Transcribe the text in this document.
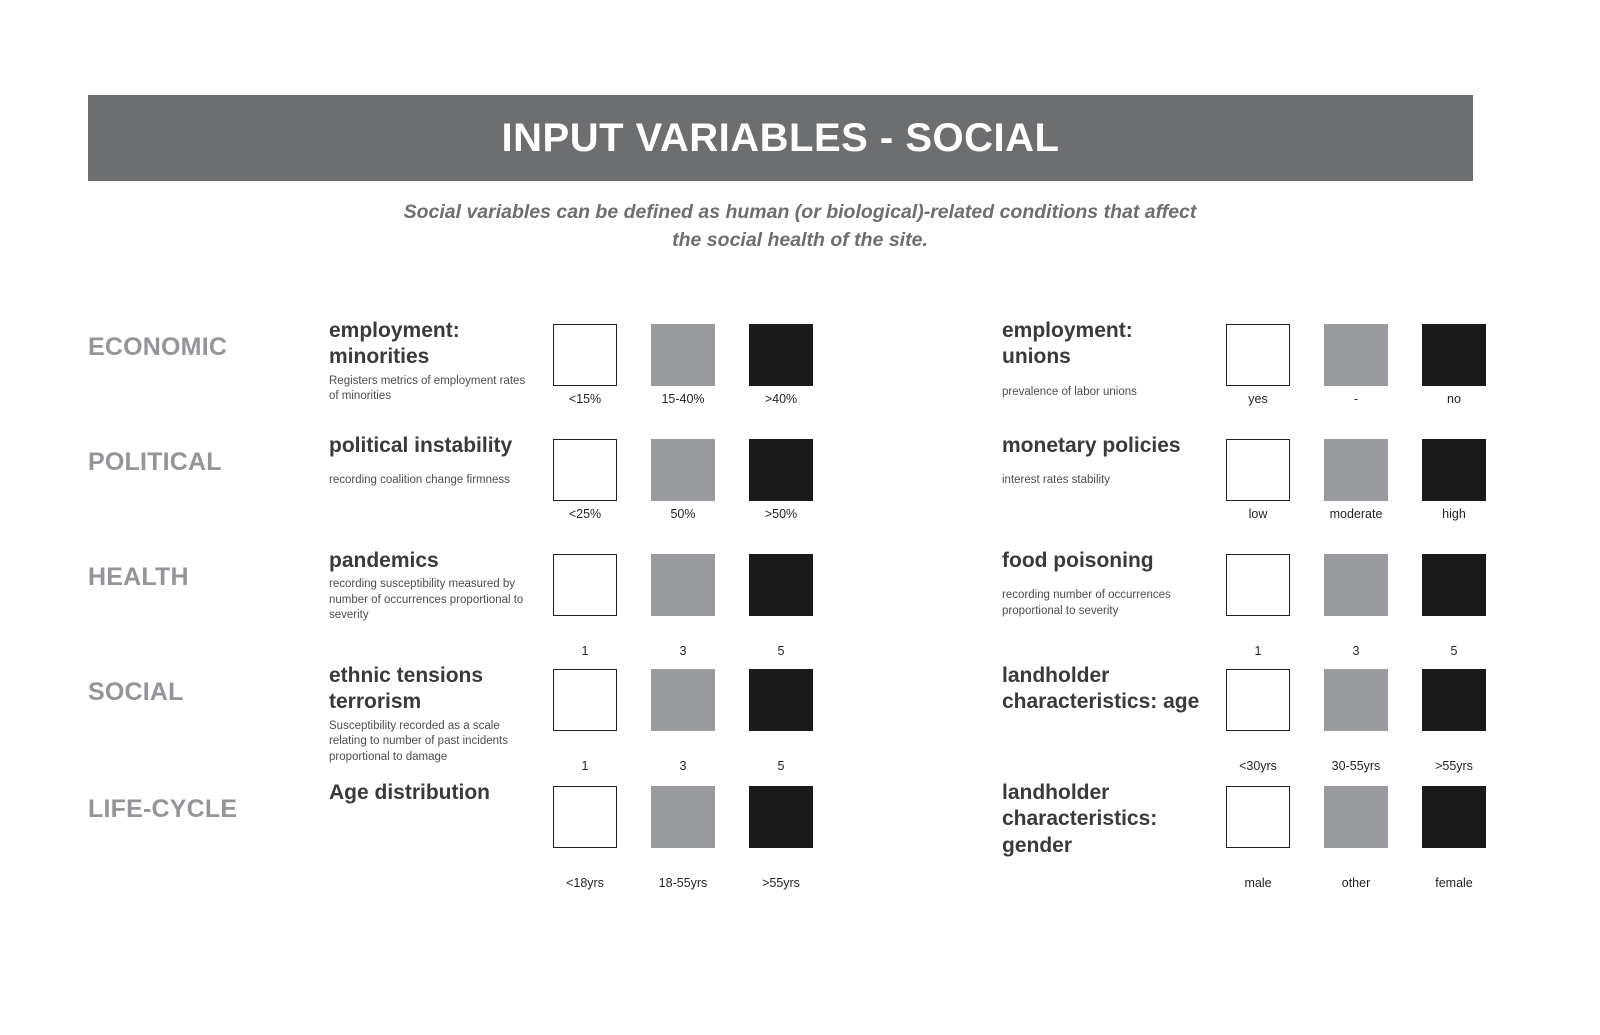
INPUT VARIABLES - SOCIAL
Social variables can be defined as human (or biological)-related conditions that affect the social health of the site.
ECONOMIC
employment: minorities
Registers metrics of employment rates of minorities	<15%	15-40%	>40%
employment: unions
prevalence of labor unions
yes	-	no
POLITICAL
political instability
recording coalition change firmness
<25%	50%	>50%
monetary policies
interest rates stability
low	moderate	high
HEALTH
pandemics
recording susceptibility measured by number of occurrences proportional to severity
1	3	5
food poisoning
recording number of occurrences proportional to severity
1	3	5
SOCIAL
ethnic tensions terrorism
Susceptibility recorded as a scale relating to number of past incidents proportional to damage
1	3	5
landholder characteristics: age
<30yrs	30-55yrs	>55yrs
LIFE-CYCLE
Age distribution
<18yrs	18-55yrs	>55yrs
landholder characteristics: gender
male	other	female
